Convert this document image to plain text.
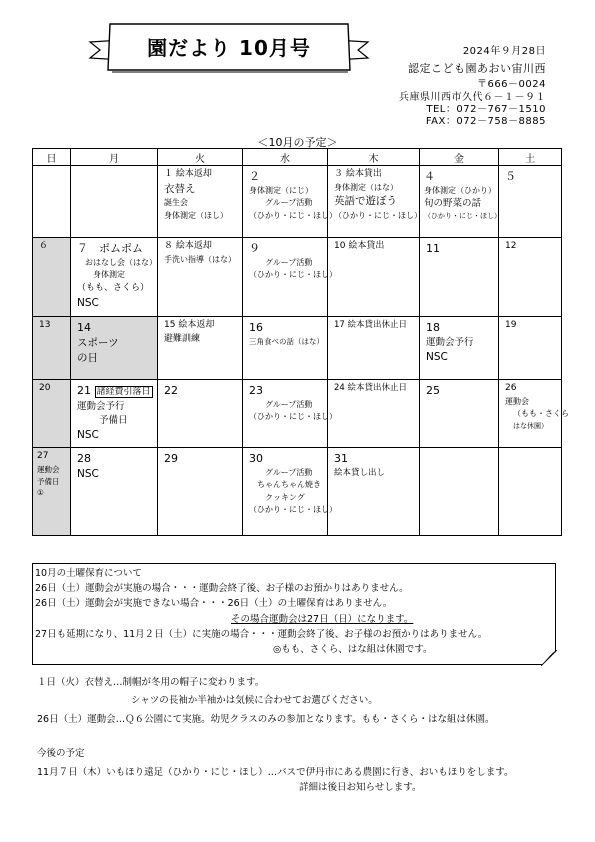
園だより 10月号	2024年９月28日
認定こども園あおい宙川西
〒666－0024
兵庫県川西市久代６－１－９１
TEL：072－767－1510
FAX：072－758－8885
＜10月の予定＞
日	月	火	水	木	金	土

		１ 絵本返却
衣替え
誕生会
身体測定（ほし）	２
身体測定（にじ）
グループ活動
（ひかり・にじ・ほし）	３ 絵本貸出
身体測定（はな）
英語で遊ぼう
（ひかり・にじ・ほし）	４
身体測定（ひかり）
旬の野菜の話
（ひかり・にじ・ほし）	５

６	７　ポムポム
おはなし会（はな）
身体測定
（もも、さくら）
NSC	８ 絵本返却
手洗い指導（はな）	９
グループ活動
（ひかり・にじ・ほし）	10 絵本貸出	11	12

13	14
スポーツ
の日	15 絵本返却
避難訓練	16
三角食べの話（はな）	17 絵本貸出休止日	18
運動会予行
NSC	19

20	21 諸経費引落日
運動会予行
予備日
NSC	22	23
グループ活動
（ひかり・にじ・ほし）	24 絵本貸出休止日	25	26
運動会
（もも・さくら
はな休園）

27
運動会
予備日
①	28
NSC	29	30
グループ活動
ちゃんちゃん焼き
クッキング
（ひかり・にじ・ほし）	31
絵本貸し出し		

10月の土曜保育について
26日（土）運動会が実施の場合・・・運動会終了後、お子様のお預かりはありません。
26日（土）運動会が実施できない場合・・・26日（土）の土曜保育はありません。
その場合運動会は27日（日）になります。
27日も延期になり、11月２日（土）に実施の場合・・・運動会終了後、お子様のお預かりはありません。
◎もも、さくら、はな組は休園です。
１日（火）衣替え…制帽が冬用の帽子に変わります。
シャツの長袖か半袖かは気候に合わせてお選びください。
26日（土）運動会…Ｑ６公園にて実施。幼児クラスのみの参加となります。もも・さくら・はな組は休園。
今後の予定
11月７日（木）いもほり遠足（ひかり・にじ・ほし）…バスで伊丹市にある農園に行き、おいもほりをします。
詳細は後日お知らせします。
